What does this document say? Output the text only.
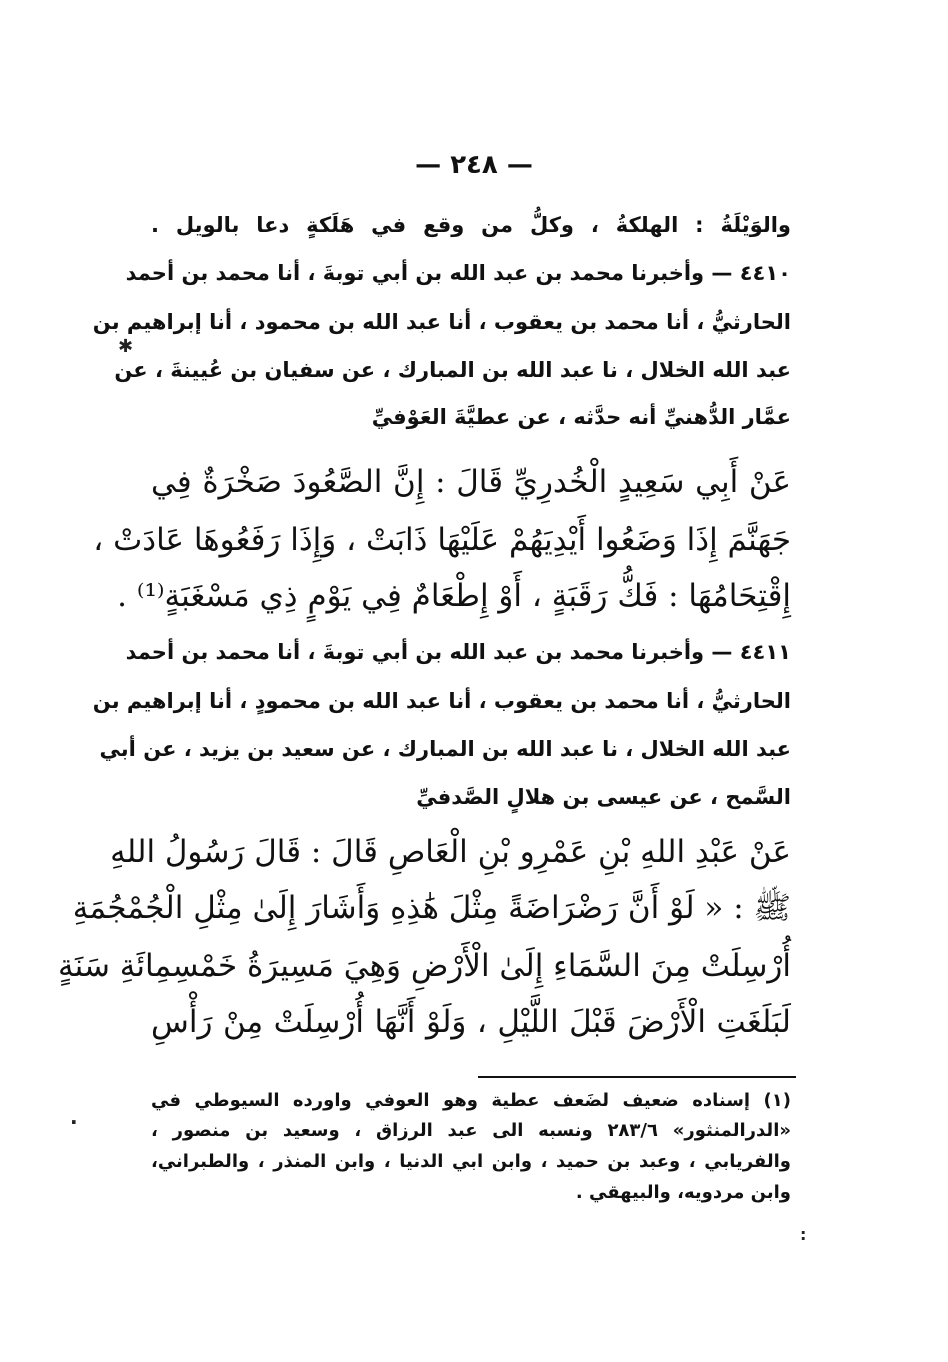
— ٢٤٨ —
والوَيْلَةُ : الهلكةُ ، وكلُّ من وقع في هَلَكةٍ دعا بالويل .
٤٤١٠ — وأخبرنا محمد بن عبد الله بن أبي توبةَ ، أنا محمد بن أحمد
الحارثيُّ ، أنا محمد بن يعقوب ، أنا عبد الله بن محمود ، أنا إبراهيم بن
عبد الله الخلال ، نا عبد الله بن المبارك ، عن سفيان بن عُيينةَ ، عن
عمَّار الدُّهنيِّ أنه حدَّثه ، عن عطيَّةَ العَوْفيِّ
عَنْ أَبِي سَعِيدٍ الْخُدرِيِّ قَالَ : إِنَّ الصَّعُودَ صَخْرَةٌ فِي
جَهَنَّمَ إِذَا وَضَعُوا أَيْدِيَهُمْ عَلَيْهَا ذَابَتْ ، وَإِذَا رَفَعُوهَا عَادَتْ ،
إِقْتِحَامُهَا : فَكُّ رَقَبَةٍ ، أَوْ إِطْعَامٌ فِي يَوْمٍ ذِي مَسْغَبَةٍ⁽¹⁾ .
٤٤١١ — وأخبرنا محمد بن عبد الله بن أبي توبةَ ، أنا محمد بن أحمد
الحارثيُّ ، أنا محمد بن يعقوب ، أنا عبد الله بن محمودٍ ، أنا إبراهيم بن
عبد الله الخلال ، نا عبد الله بن المبارك ، عن سعيد بن يزيد ، عن أبي
السَّمح ، عن عيسى بن هلالٍ الصَّدفيِّ
عَنْ عَبْدِ اللهِ بْنِ عَمْرِو بْنِ الْعَاصِ قَالَ : قَالَ رَسُولُ اللهِ
ﷺ : « لَوْ أَنَّ رَضْرَاضَةً مِثْلَ هَٰذِهِ وَأَشَارَ إِلَىٰ مِثْلِ الْجُمْجُمَةِ
أُرْسِلَتْ مِنَ السَّمَاءِ إِلَىٰ الْأَرْضِ وَهِيَ مَسِيرَةُ خَمْسِمِائَةِ سَنَةٍ
لَبَلَغَتِ الْأَرْضَ قَبْلَ اللَّيْلِ ، وَلَوْ أَنَّهَا أُرْسِلَتْ مِنْ رَأْسِ
(١) إسناده ضعيف لضَعف عطية وهو العوفي واورده السيوطي في
«الدرالمنثور» ٢٨٣/٦ ونسبه الى عبد الرزاق ، وسعيد بن منصور ،
والفريابي ، وعبد بن حميد ، وابن ابي الدنيا ، وابن المنذر ، والطبراني،
وابن مردويه، والبيهقي .
✱
·
:
